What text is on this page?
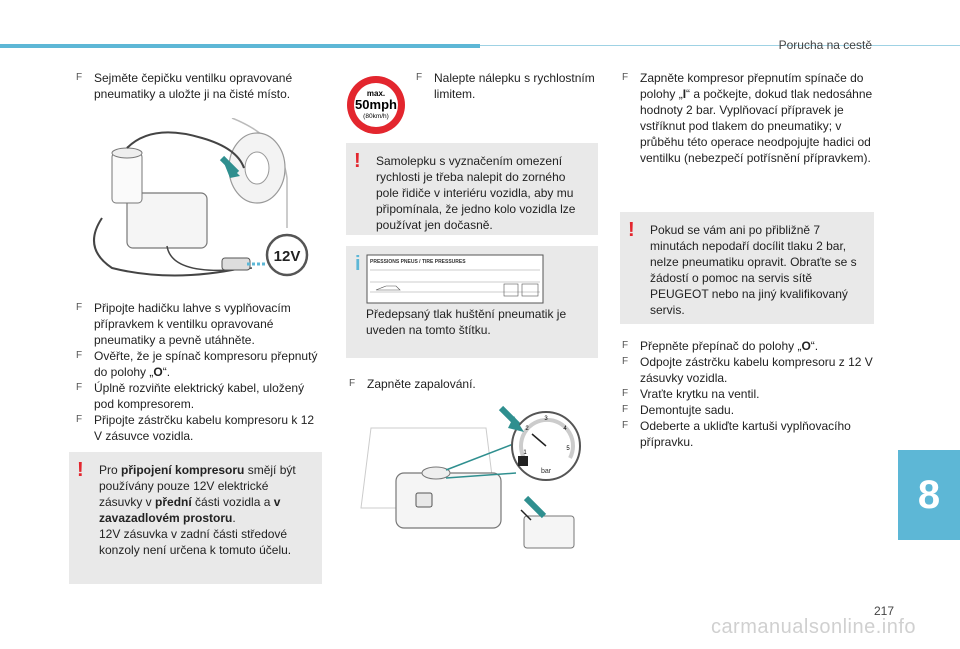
Porucha na cestě
F Sejměte čepičku ventilku opravované pneumatiky a uložte ji na čisté místo.

12V
F Připojte hadičku lahve s vyplňovacím přípravkem k ventilku opravované pneumatiky a pevně utáhněte.

F Ověřte, že je spínač kompresoru přepnutý do polohy „O“.

F Úplně rozviňte elektrický kabel, uložený pod kompresorem.

F Připojte zástrčku kabelu kompresoru k 12 V zásuvce vozidla.

! Pro připojení kompresoru smějí být používány pouze 12V elektrické zásuvky v přední části vozidla a v zavazadlovém prostoru.
12V zásuvka v zadní části středové konzoly není určena k tomuto účelu.
max.
50mph
(80km/h)
F Nalepte nálepku s rychlostním limitem.

! Samolepku s vyznačením omezení rychlosti je třeba nalepit do zorného pole řidiče v interiéru vozidla, aby mu připomínala, že jedno kolo vozidla lze používat jen dočasně.
i PRESSIONS PNEUS / TIRE PRESSURES
Předepsaný tlak huštění pneumatik je uveden na tomto štítku.
F Zapněte zapalování.

1
2
3
4
5
bar
F Zapněte kompresor přepnutím spínače do polohy „I“ a počkejte, dokud tlak nedosáhne hodnoty 2 bar. Vyplňovací přípravek je vstříknut pod tlakem do pneumatiky; v průběhu této operace neodpojujte hadici od ventilku (nebezpečí potřísnění přípravkem).

! Pokud se vám ani po přibližně 7 minutách nepodaří docílit tlaku 2 bar, nelze pneumatiku opravit. Obraťte se s žádostí o pomoc na servis sítě PEUGEOT nebo na jiný kvalifikovaný servis.
F Přepněte přepínač do polohy „O“.

F Odpojte zástrčku kabelu kompresoru z 12 V zásuvky vozidla.

F Vraťte krytku na ventil.

F Demontujte sadu.

F Odeberte a ukliďte kartuši vyplňovacího přípravku.

8
217
carmanualsonline.info
